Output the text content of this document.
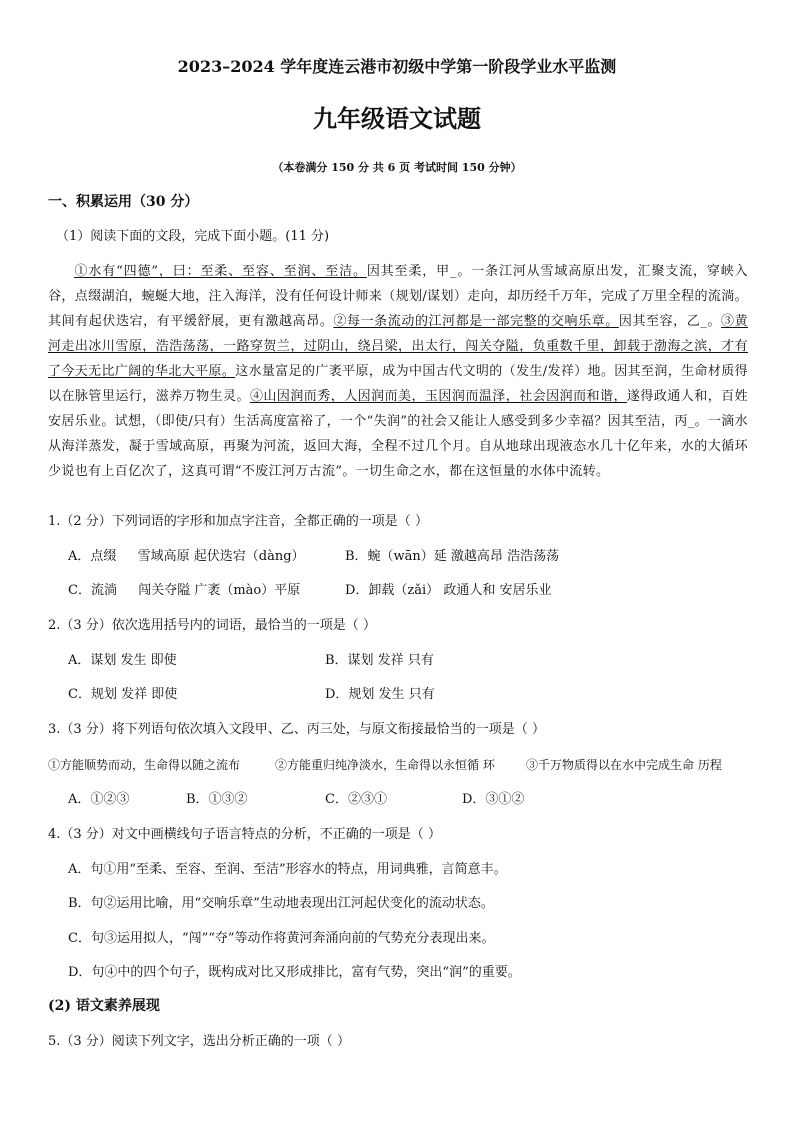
2023–2024 学年度连云港市初级中学第一阶段学业水平监测
九年级语文试题
（本卷满分 150 分 共 6 页 考试时间 150 分钟）
一、积累运用（30 分）
（1）阅读下面的文段，完成下面小题。(11 分)
①水有“四德”，曰：至柔、至容、至润、至洁。因其至柔，甲_。一条江河从雪域高原出发，汇聚支流，穿峡入谷，点缀湖泊，蜿蜒大地，注入海洋，没有任何设计师来（规划/谋划）走向，却历经千万年，完成了万里全程的流淌。其间有起伏迭宕，有平缓舒展，更有激越高昂。②每一条流动的江河都是一部完整的交响乐章。因其至容，乙_。③黄河走出冰川雪原，浩浩荡荡，一路穿贺兰，过阴山，绕吕梁，出太行，闯关夺隘，负重数千里，卸载于渤海之滨，才有了今天无比广阔的华北大平原。这水量富足的广袤平原，成为中国古代文明的（发生/发祥）地。因其至润，生命材质得以在脉管里运行，滋养万物生灵。④山因润而秀，人因润而美，玉因润而温泽，社会因润而和谐，遂得政通人和，百姓安居乐业。试想，（即使/只有）生活高度富裕了，一个“失润”的社会又能让人感受到多少幸福？因其至洁，丙_。一滴水从海洋蒸发，凝于雪域高原，再聚为河流，返回大海，全程不过几个月。自从地球出现液态水几十亿年来，水的大循环少说也有上百亿次了，这真可谓“不废江河万古流”。一切生命之水，都在这恒量的水体中流转。
1.（2 分）下列词语的字形和加点字注音，全都正确的一项是（ ）
A．点缀 　 雪域高原 起伏迭宕（dàng）	B．蜿（wān）延 激越高昂 浩浩荡荡
C．流淌 　 闯关夺隘 广袤（mào）平原	D．卸载（zǎi） 政通人和 安居乐业
2.（3 分）依次选用括号内的词语，最恰当的一项是（ ）
A．谋划 发生 即使	B．谋划 发祥 只有
C．规划 发祥 即使	D．规划 发生 只有
3.（3 分）将下列语句依次填入文段甲、乙、丙三处，与原文衔接最恰当的一项是（ ）
①方能顺势而动，生命得以随之流布	②方能重归纯净淡水，生命得以永恒循 环	③千万物质得以在水中完成生命 历程
A．①②③	B．①③②	C．②③①	D．③①②
4.（3 分）对文中画横线句子语言特点的分析，不正确的一项是（ ）
A．句①用“至柔、至容、至润、至洁”形容水的特点，用词典雅，言简意丰。
B．句②运用比喻，用“交响乐章”生动地表现出江河起伏变化的流动状态。
C．句③运用拟人，“闯”“夺”等动作将黄河奔涌向前的气势充分表现出来。
D．句④中的四个句子，既构成对比又形成排比，富有气势，突出“润”的重要。
(2) 语文素养展现
5.（3 分）阅读下列文字，选出分析正确的一项（ ）
